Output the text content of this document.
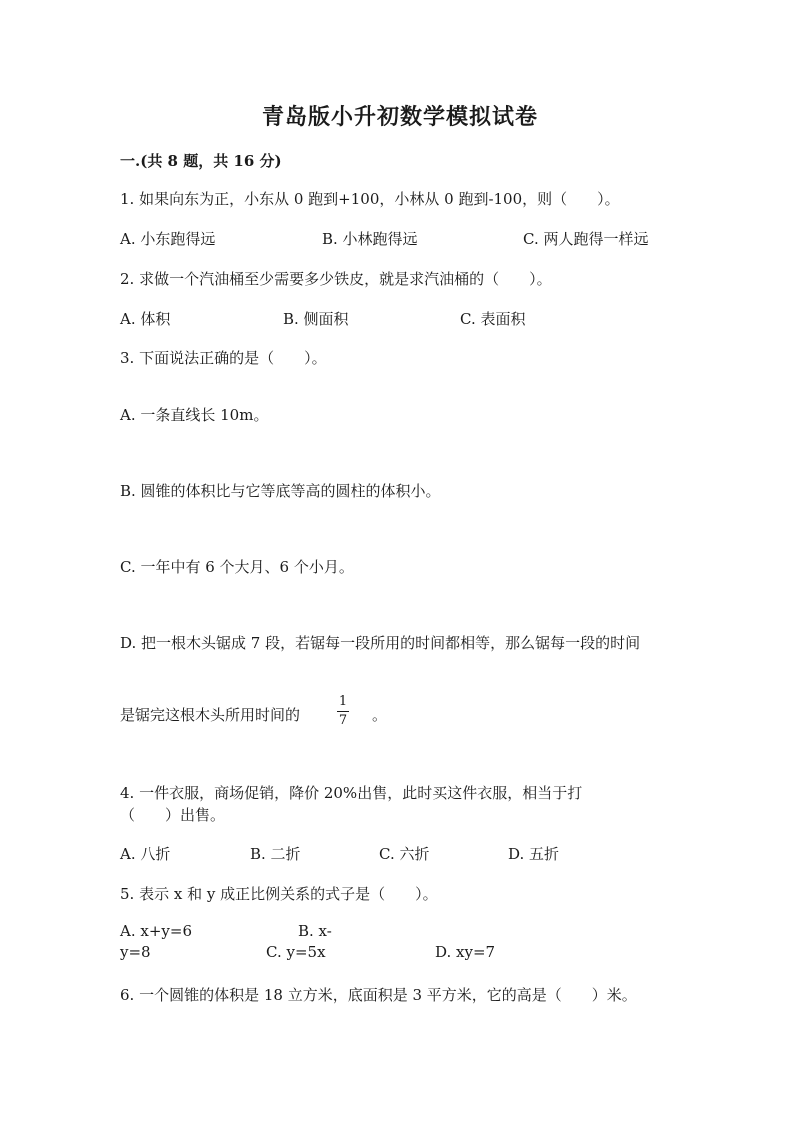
青岛版小升初数学模拟试卷
一.(共 8 题，共 16 分)
1. 如果向东为正，小东从 0 跑到+100，小林从 0 跑到-100，则（　　）。
A. 小东跑得远	B. 小林跑得远	C. 两人跑得一样远
2. 求做一个汽油桶至少需要多少铁皮，就是求汽油桶的（　　）。
A. 体积	B. 侧面积	C. 表面积
3. 下面说法正确的是（　　）。
A. 一条直线长 10m。
B. 圆锥的体积比与它等底等高的圆柱的体积小。
C. 一年中有 6 个大月、6 个小月。
D. 把一根木头锯成 7 段，若锯每一段所用的时间都相等，那么锯每一段的时间
是锯完这根木头所用时间的
1
7 。
4. 一件衣服，商场促销，降价 20%出售，此时买这件衣服，相当于打
（　　）出售。
A. 八折	B. 二折	C. 六折	D. 五折
5. 表示 x 和 y 成正比例关系的式子是（　　）。
A. x+y=6	B. x-
y=8	C. y=5x	D. xy=7
6. 一个圆锥的体积是 18 立方米，底面积是 3 平方米，它的高是（　　）米。
